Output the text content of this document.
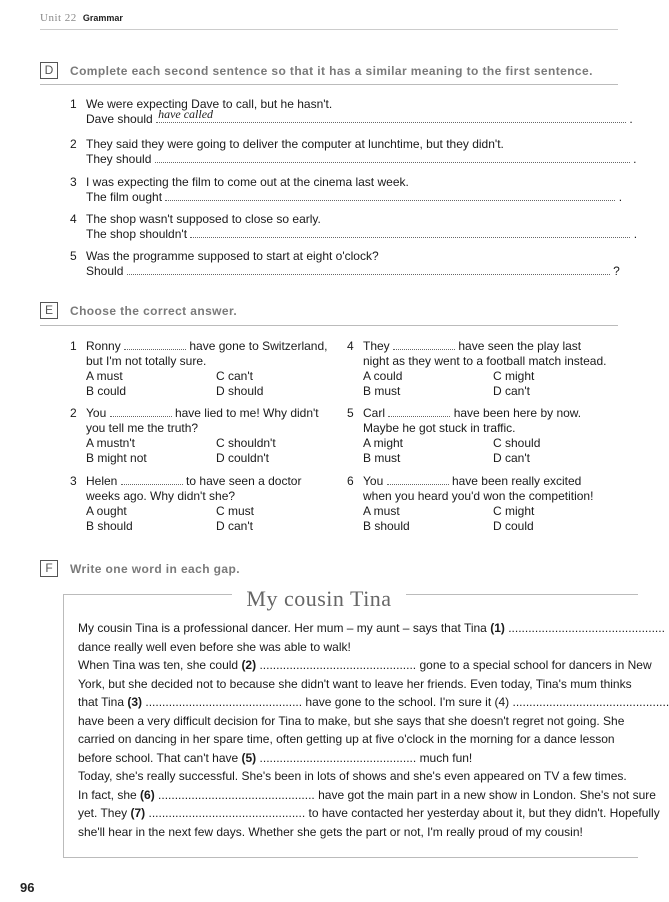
Unit 22 Grammar
D	Complete each second sentence so that it has a similar meaning to the first sentence.
1 We were expecting Dave to call, but he hasn't.
Dave should have called	.
2 They said they were going to deliver the computer at lunchtime, but they didn't.
They should	.
3 I was expecting the film to come out at the cinema last week.
The film ought	.
4 The shop wasn't supposed to close so early.
The shop shouldn't	.
5 Was the programme supposed to start at eight o'clock?
Should	?
E	Choose the correct answer.
1 Ronny	have gone to Switzerland,
but I'm not totally sure.
A must	C can't
B could	D should
2 You	have lied to me! Why didn't
you tell me the truth?
A mustn't	C shouldn't
B might not	D couldn't
3 Helen	to have seen a doctor
weeks ago. Why didn't she?
A ought	C must
B should	D can't
4 They	have seen the play last
night as they went to a football match instead.
A could	C might
B must	D can't
5 Carl	have been here by now.
Maybe he got stuck in traffic.
A might	C should
B must	D can't
6 You	have been really excited
when you heard you'd won the competition!
A must	C might
B should	D could
F	Write one word in each gap.
My cousin Tina
My cousin Tina is a professional dancer. Her mum – my aunt – says that Tina (1) ...............................................
dance really well even before she was able to walk!
When Tina was ten, she could (2) ............................................... gone to a special school for dancers in New
York, but she decided not to because she didn't want to leave her friends. Even today, Tina's mum thinks
that Tina (3) ............................................... have gone to the school. I'm sure it (4) ...............................................
have been a very difficult decision for Tina to make, but she says that she doesn't regret not going. She
carried on dancing in her spare time, often getting up at five o'clock in the morning for a dance lesson
before school. That can't have (5) ............................................... much fun!
Today, she's really successful. She's been in lots of shows and she's even appeared on TV a few times.
In fact, she (6) ............................................... have got the main part in a new show in London. She's not sure
yet. They (7) ............................................... to have contacted her yesterday about it, but they didn't. Hopefully
she'll hear in the next few days. Whether she gets the part or not, I'm really proud of my cousin!
96
